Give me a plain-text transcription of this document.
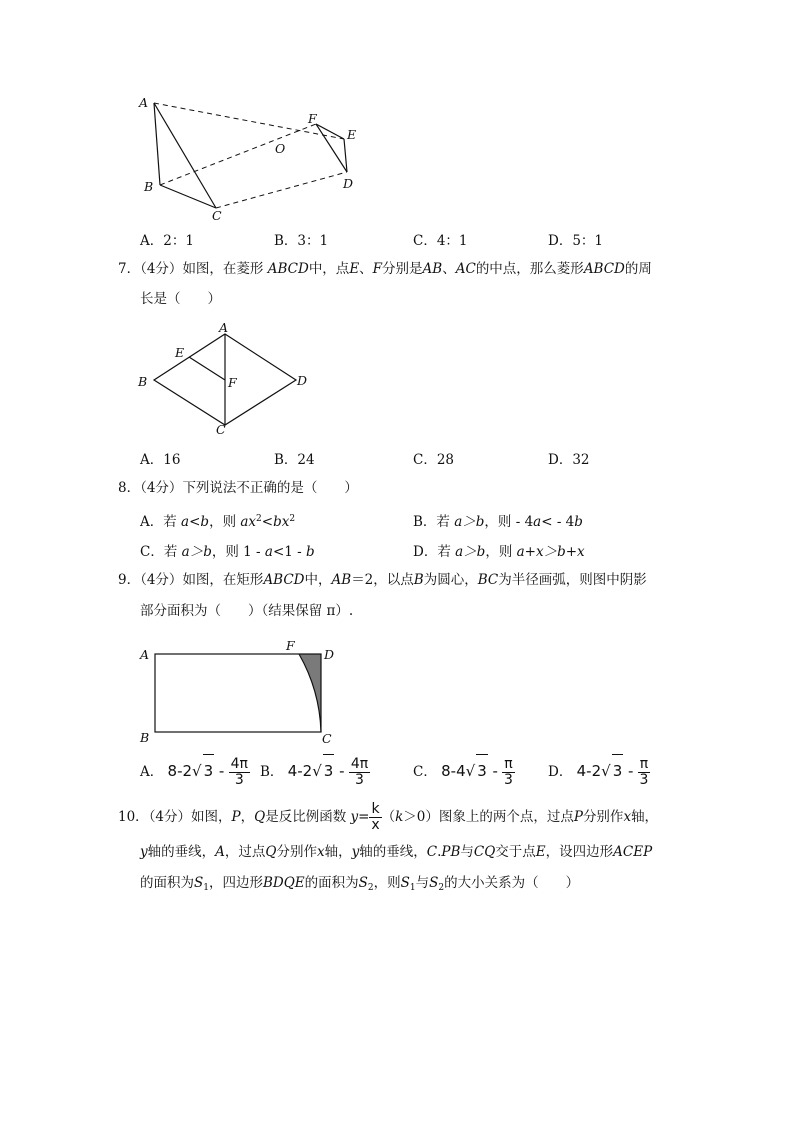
A
B
C
O
F
E
D
A．2：1	B．3：1	C．4：1	D．5：1
7．（4分）如图，在菱形 ABCD中，点E、F分别是AB、AC的中点，那么菱形ABCD的周
长是（　　）
A
E
B	F	D
C
A．16	B．24	C．28	D．32
8．（4分）下列说法不正确的是（　　）
A．若 a<b，则 $ax^2<bx^2$	B．若 a＞b，则 - 4a< - 4b
C．若 a＞b，则 1 - a<1 - b	D．若 a＞b，则 a+x＞b+x
9．（4分）如图，在矩形ABCD中，AB＝2，以点B为圆心，BC为半径画弧，则图中阴影
部分面积为（　　）（结果保留 π）.
A
F
D
B	C
A． 8-2√ $3 - \frac{4\pi}{3}$ B． 4-2√ $3 - \frac{4\pi}{3}$	C． 8-4√ $3 - \frac{\pi}{3}$ D． 4-2√ $3 - \frac{\pi}{3}$
10．（4分）如图，P，Q是反比例函数 $y= \frac{k}{x} (k>0)$图象上的两个点，过点P分别作x轴，
y轴的垂线，A，过点Q分别作x轴，y轴的垂线，C.PB与CQ交于点E，设四边形ACEP
的面积为$S_1$，四边形BDQE的面积为$S_2$，则$S_1$与$S_2$的大小关系为（　　）
